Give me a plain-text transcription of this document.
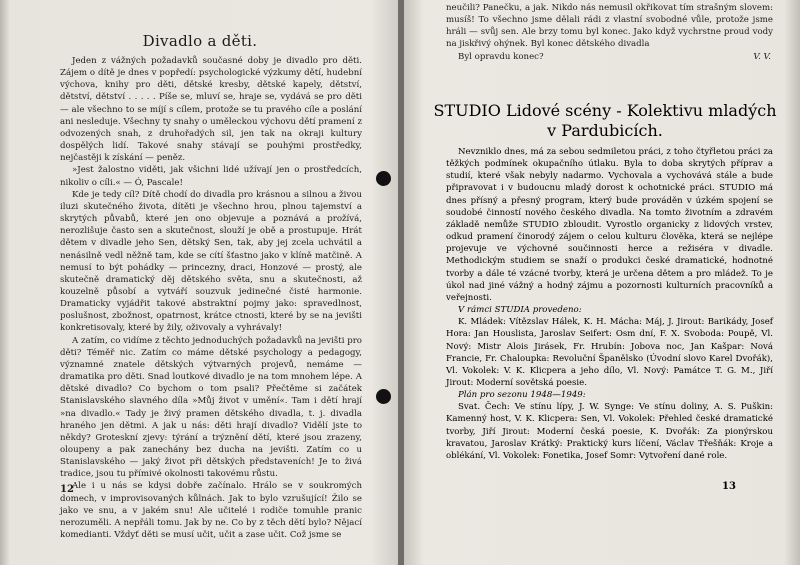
Divadlo a děti.

Jeden z vážných požadavků současné doby je divadlo pro děti. Zájem o dítě je dnes v popředí: psychologické výzkumy dětí, hudební výchova, knihy pro děti, dětské kresby, dětské kapely, dětství, dětství, dětství . . . . . Píše se, mluví se, hraje se, vydává se pro děti — ale všechno to se míjí s cílem, protože se tu pravého cíle a poslání ani nesleduje. Všechny ty snahy o uměleckou výchovu dětí pramení z odvozených snah, z druhořadých sil, jen tak na okraji kultury dospělých lidí. Takové snahy stávají se pouhými prostředky, nejčastěji k získání — peněz.

»Jest žalostno viděti, jak všichni lidé užívají jen o prostředcích, nikoliv o cíli.« — Ó, Pascale!

Kde je tedy cíl? Dítě chodí do divadla pro krásnou a silnou a živou iluzi skutečného života, dítěti je všechno hrou, plnou tajemství a skrytých půvabů, které jen ono objevuje a poznává a prožívá, nerozlišuje často sen a skutečnost, slouží je obě a prostupuje. Hrát dětem v divadle jeho Sen, dětský Sen, tak, aby jej zcela uchvátil a nenásilně vedl něžně tam, kde se cítí šťastno jako v klíně matčině. A nemusí to být pohádky — princezny, draci, Honzové — prostý, ale skutečně dramatický děj dětského světa, snu a skutečnosti, až kouzelně působí a vytváří souzvuk jedinečné čisté harmonie. Dramaticky vyjádřit takové abstraktní pojmy jako: spravedlnost, poslušnost, zbožnost, opatrnost, krátce ctnosti, které by se na jevišti konkretisovaly, které by žily, oživovaly a vyhrávaly!

A zatím, co vidíme z těchto jednoduchých požadavků na jevišti pro děti? Téměř nic. Zatím co máme dětské psychology a pedagogy, významné znatele dětských výtvarných projevů, nemáme — dramatika pro děti. Snad loutkové divadlo je na tom mnohem lépe. A dětské divadlo? Co bychom o tom psali? Přečtěme si začátek Stanislavského slavného díla »Můj život v umění«. Tam i dětí hrají »na divadlo.« Tady je živý pramen dětského divadla, t. j. divadla hraného jen dětmi. A jak u nás: děti hrají divadlo? Vidělí jste to někdy? Groteskní zjevy: týrání a trýznění dětí, které jsou zrazeny, oloupeny a pak zanechány bez ducha na jevišti. Zatím co u Stanislavského — jaký život při dětských představeních! Je to živá tradice, jsou tu přímivé okolnosti takovému růstu.

Ale i u nás se kdysi dobře začínalo. Hrálo se v soukromých domech, v improvisovaných kůlnách. Jak to bylo vzrušující! Žilo se jako ve snu, a v jakém snu! Ale učitelé i rodiče tomuhle pranic nerozuměli. A nepřáli tomu. Jak by ne. Co by z těch dětí bylo? Nějací komedianti. Vždyť děti se musí učit, učit a zase učit. Což jsme se

12

neučili? Panečku, a jak. Nikdo nás nemusil okřikovat tím strašným slovem: musíš! To všechno jsme dělali rádi z vlastní svobodné vůle, protože jsme hráli — svůj sen. Ale brzy tomu byl konec. Jako když vychrstne proud vody na jiskřivý ohýnek. Byl konec dětského divadla

Byl opravdu konec?	V. V.

STUDIO Lidové scény - Kolektivu mladých v Pardubicích.

Nevzniklo dnes, má za sebou sedmiletou práci, z toho čtyřletou práci za těžkých podmínek okupačního útlaku. Byla to doba skrytých příprav a studií, které však nebyly nadarmo. Vychovala a vychovává stále a bude připravovat i v budoucnu mladý dorost k ochotnické práci. STUDIO má dnes přísný a přesný program, který bude prováděn v úzkém spojení se soudobé činností nového českého divadla. Na tomto životním a zdravém základě nemůže STUDIO zbloudit. Vyrostlo organicky z lidových vrstev, odkud pramení činorodý zájem o celou kulturu člověka, která se nejlépe projevuje ve výchovné součinnosti herce a režiséra v divadle. Methodickým studiem se snaží o produkci české dramatické, hodnotné tvorby a dále té vzácné tvorby, která je určena dětem a pro mládež. To je úkol nad jiné vážný a hodný zájmu a pozornosti kulturních pracovníků a veřejnosti.

V rámci STUDIA provedeno:

K. Mládek: Vítězslav Hálek, K. H. Mácha: Máj, J. Jirout: Barikády, Josef Hora: Jan Houslista, Jaroslav Seifert: Osm dní, F. X. Svoboda: Poupě, Vl. Nový: Mistr Alois Jirásek, Fr. Hrubín: Jobova noc, Jan Kašpar: Nová Francie, Fr. Chaloupka: Revoluční Španělsko (Úvodní slovo Karel Dvořák), Vl. Vokolek: V. K. Klicpera a jeho dílo, Vl. Nový: Památce T. G. M., Jiří Jirout: Moderní sovětská poesie.

Plán pro sezonu 1948—1949:

Svat. Čech: Ve stínu lípy, J. W. Synge: Ve stínu doliny, A. S. Puškin: Kamenný host, V. K. Klicpera: Sen, Vl. Vokolek: Přehled české dramatické tvorby, Jiří Jirout: Moderní česká poesie, K. Dvořák: Za pionýrskou kravatou, Jaroslav Krátký: Praktický kurs líčení, Václav Třešňák: Kroje a oblékání, Vl. Vokolek: Fonetika, Josef Somr: Vytvoření dané role.

13
